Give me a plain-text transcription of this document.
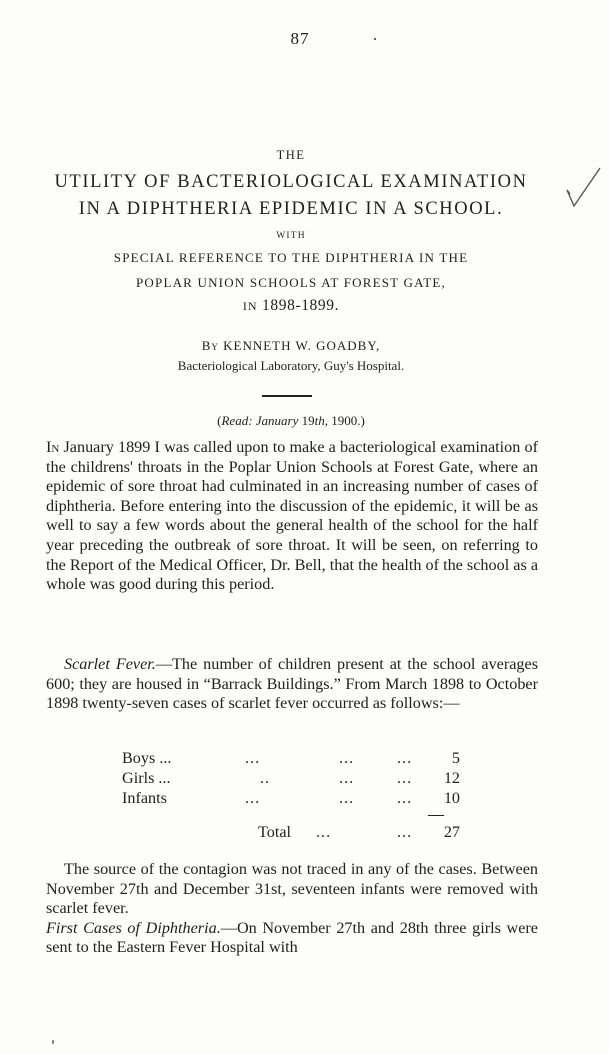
87
THE
UTILITY OF BACTERIOLOGICAL EXAMINATION
IN A DIPHTHERIA EPIDEMIC IN A SCHOOL.
WITH
SPECIAL REFERENCE TO THE DIPHTHERIA IN THE
POPLAR UNION SCHOOLS AT FOREST GATE,
IN 1898-1899.
By KENNETH W. GOADBY,
Bacteriological Laboratory, Guy's Hospital.
(Read: January 19th, 1900.)
In January 1899 I was called upon to make a bacteriological examination of the childrens' throats in the Poplar Union Schools at Forest Gate, where an epidemic of sore throat had culminated in an increasing number of cases of diphtheria. Before entering into the discussion of the epidemic, it will be as well to say a few words about the general health of the school for the half year preceding the outbreak of sore throat. It will be seen, on referring to the Report of the Medical Officer, Dr. Bell, that the health of the school as a whole was good during this period.
Scarlet Fever.—The number of children present at the school averages 600; they are housed in “Barrack Buildings.” From March 1898 to October 1898 twenty-seven cases of scarlet fever occurred as follows:—
Boys ...	...	...	... 5
Girls ...	..	...	... 12
Infants	...	...	... 10
Total ...	... 27
The source of the contagion was not traced in any of the cases. Between November 27th and December 31st, seventeen infants were removed with scarlet fever.
First Cases of Diphtheria.—On November 27th and 28th three girls were sent to the Eastern Fever Hospital with
